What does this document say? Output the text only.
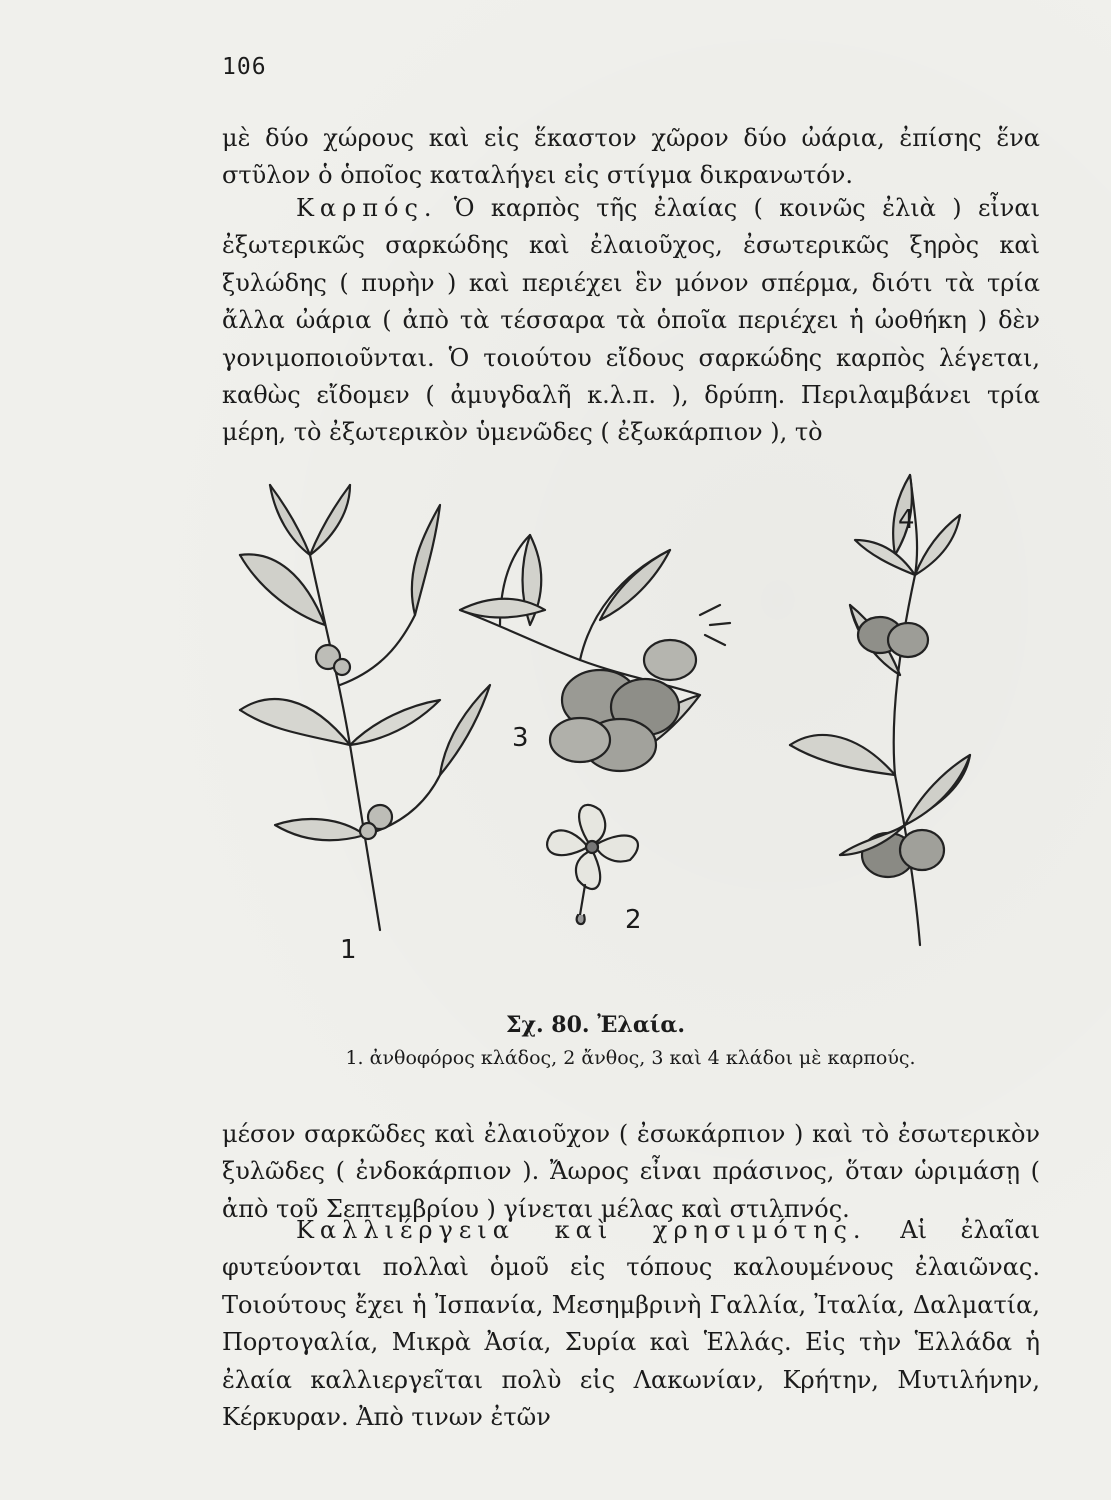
106

μὲ δύο χώρους καὶ εἰς ἕκαστον χῶρον δύο ὠάρια, ἐπίσης ἕνα στῦλον ὁ ὁποῖος καταλήγει εἰς στίγμα δικρανωτόν.

Καρπός. Ὁ καρπὸς τῆς ἐλαίας ( κοινῶς ἐλιὰ ) εἶναι ἐξωτερικῶς σαρκώδης καὶ ἐλαιοῦχος, ἐσωτερικῶς ξηρὸς καὶ ξυλώδης ( πυρὴν ) καὶ περιέχει ἓν μόνον σπέρμα, διότι τὰ τρία ἄλλα ὠάρια ( ἀπὸ τὰ τέσσαρα τὰ ὁποῖα περιέχει ἡ ὠοθήκη ) δὲν γονιμοποιοῦνται. Ὁ τοιούτου εἴδους σαρκώδης καρπὸς λέγεται, καθὼς εἴδομεν ( ἀμυγδαλῆ κ.λ.π. ), δρύπη. Περιλαμβάνει τρία μέρη, τὸ ἐξωτερικὸν ὑμενῶδες ( ἐξωκάρπιον ), τὸ

1
2
3
4
Σχ. 80. Ἐλαία.
1. ἀνθοφόρος κλάδος, 2 ἄνθος, 3 καὶ 4 κλάδοι μὲ καρπούς.

μέσον σαρκῶδες καὶ ἐλαιοῦχον ( ἐσωκάρπιον ) καὶ τὸ ἐσωτερικὸν ξυλῶδες ( ἐνδοκάρπιον ). Ἄωρος εἶναι πράσινος, ὅταν ὡριμάσῃ ( ἀπὸ τοῦ Σεπτεμβρίου ) γίνεται μέλας καὶ στιλπνός.

Καλλιέργεια καὶ χρησιμότης. Αἱ ἐλαῖαι φυτεύονται πολλαὶ ὁμοῦ εἰς τόπους καλουμένους ἐλαιῶνας. Τοιούτους ἔχει ἡ Ἰσπανία, Μεσημβρινὴ Γαλλία, Ἰταλία, Δαλματία, Πορτογαλία, Μικρὰ Ἀσία, Συρία καὶ Ἑλλάς. Εἰς τὴν Ἑλλάδα ἡ ἐλαία καλλιεργεῖται πολὺ εἰς Λακωνίαν, Κρήτην, Μυτιλήνην, Κέρκυραν. Ἀπὸ τινων ἐτῶν
